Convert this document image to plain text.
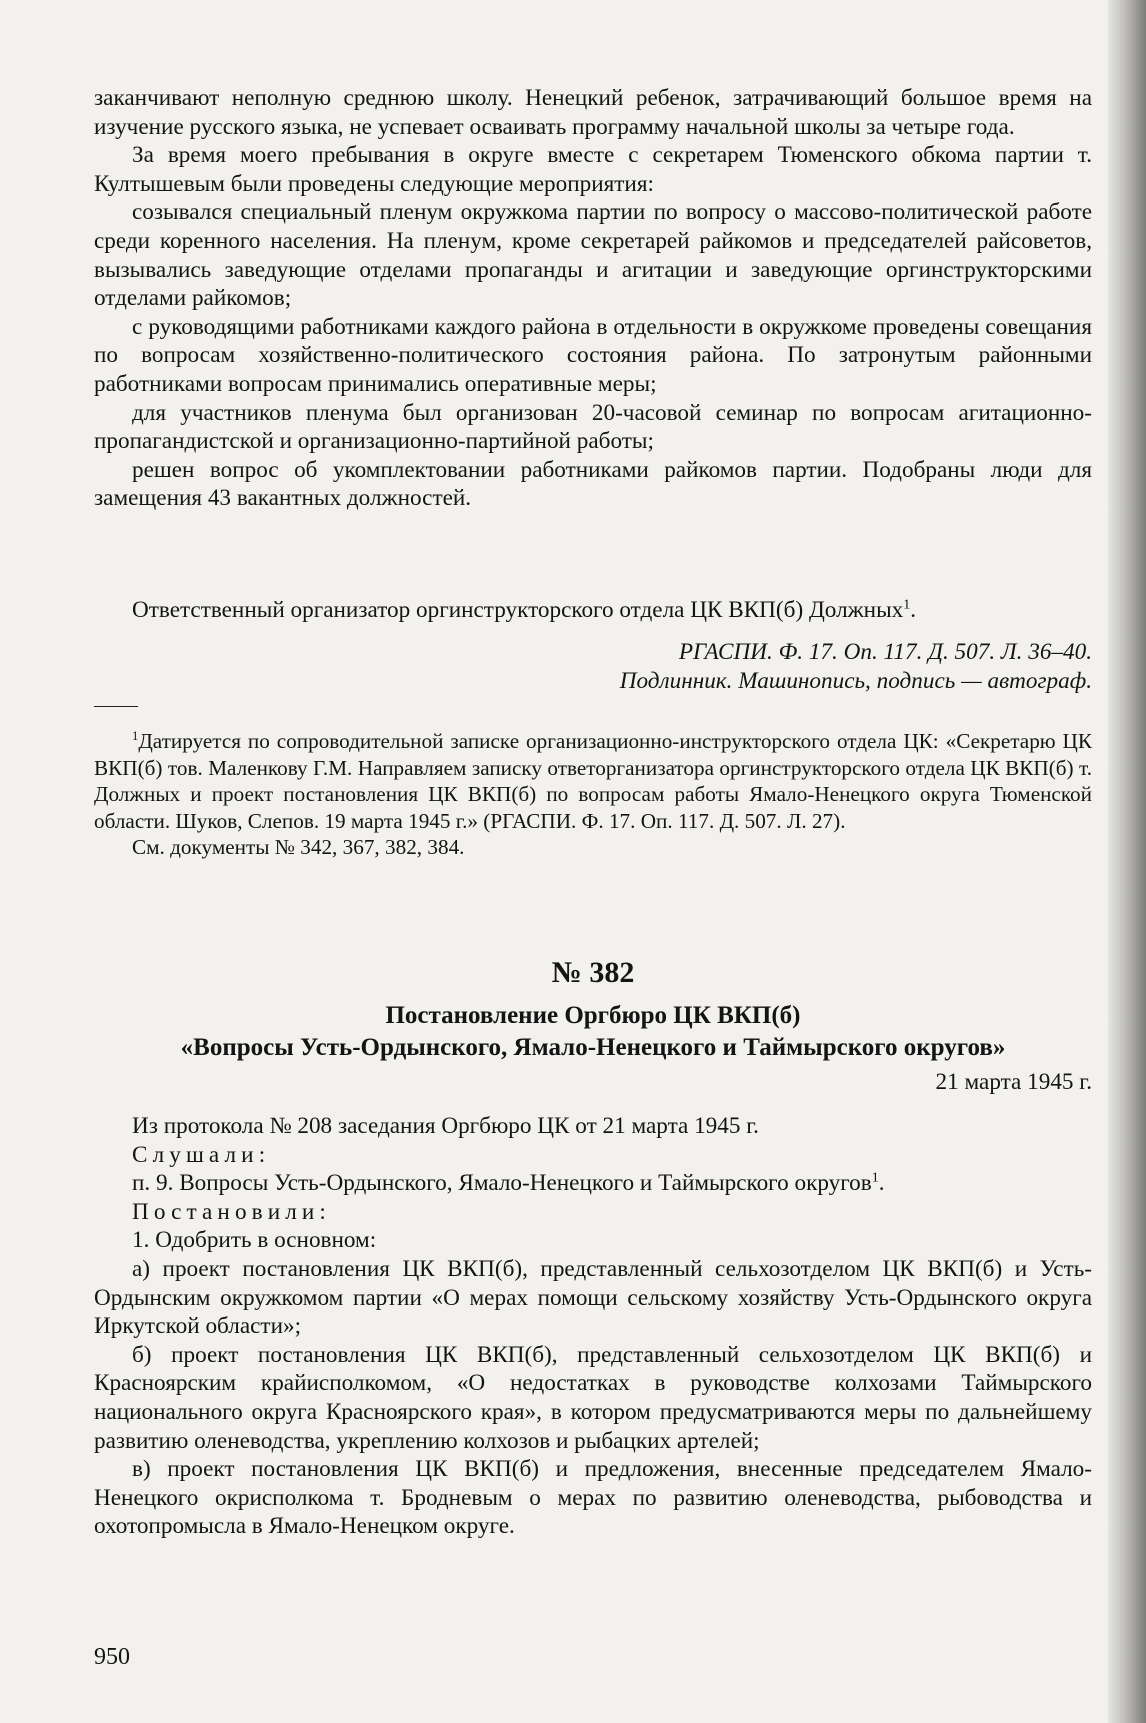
заканчивают неполную среднюю школу. Ненецкий ребенок, затрачивающий большое время на изучение русского языка, не успевает осваивать программу начальной школы за четыре года.

За время моего пребывания в округе вместе с секретарем Тюменского обкома партии т. Култышевым были проведены следующие мероприятия:

созывался специальный пленум окружкома партии по вопросу о массово-политической работе среди коренного населения. На пленум, кроме секретарей райкомов и председателей райсоветов, вызывались заведующие отделами пропаганды и агитации и заведующие оргинструкторскими отделами райкомов;

с руководящими работниками каждого района в отдельности в окружкоме проведены совещания по вопросам хозяйственно-политического состояния района. По затронутым районными работниками вопросам принимались оперативные меры;

для участников пленума был организован 20-часовой семинар по вопросам агитационно-пропагандистской и организационно-партийной работы;

решен вопрос об укомплектовании работниками райкомов партии. Подобраны люди для замещения 43 вакантных должностей.

Ответственный организатор оргинструкторского отдела ЦК ВКП(б) Должных$^1$.

РГАСПИ. Ф. 17. Оп. 117. Д. 507. Л. 36–40.

Подлинник. Машинопись, подпись — автограф.

$^1$Датируется по сопроводительной записке организационно-инструкторского отдела ЦК: «Секретарю ЦК ВКП(б) тов. Маленкову Г.М. Направляем записку ответорганизатора оргинструкторского отдела ЦК ВКП(б) т. Должных и проект постановления ЦК ВКП(б) по вопросам работы Ямало-Ненецкого округа Тюменской области. Шуков, Слепов. 19 марта 1945 г.» (РГАСПИ. Ф. 17. Оп. 117. Д. 507. Л. 27).

См. документы № 342, 367, 382, 384.

№ 382

Постановление Оргбюро ЦК ВКП(б)

«Вопросы Усть-Ордынского, Ямало-Ненецкого и Таймырского округов»

21 марта 1945 г.

Из протокола № 208 заседания Оргбюро ЦК от 21 марта 1945 г.

Слушали:

п. 9. Вопросы Усть-Ордынского, Ямало-Ненецкого и Таймырского округов$^1$.

Постановили:

1. Одобрить в основном:

а) проект постановления ЦК ВКП(б), представленный сельхозотделом ЦК ВКП(б) и Усть-Ордынским окружкомом партии «О мерах помощи сельскому хозяйству Усть-Ордынского округа Иркутской области»;

б) проект постановления ЦК ВКП(б), представленный сельхозотделом ЦК ВКП(б) и Красноярским крайисполкомом, «О недостатках в руководстве колхозами Таймырского национального округа Красноярского края», в котором предусматриваются меры по дальнейшему развитию оленеводства, укреплению колхозов и рыбацких артелей;

в) проект постановления ЦК ВКП(б) и предложения, внесенные председателем Ямало-Ненецкого окрисполкома т. Бродневым о мерах по развитию оленеводства, рыбоводства и охотопромысла в Ямало-Ненецком округе.

950
